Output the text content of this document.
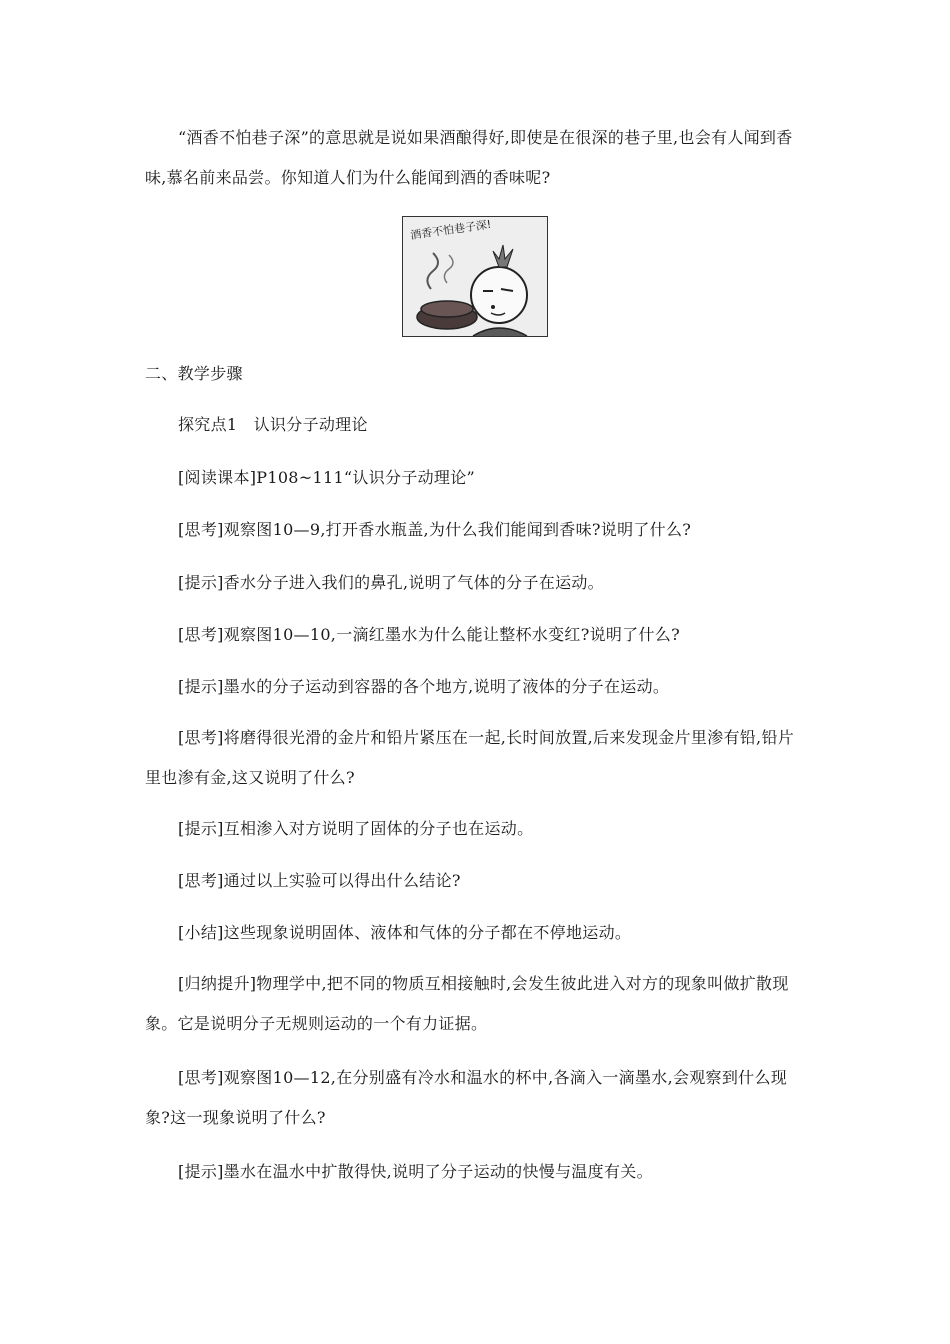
“酒香不怕巷子深”的意思就是说如果酒酿得好,即使是在很深的巷子里,也会有人闻到香味,慕名前来品尝。你知道人们为什么能闻到酒的香味呢?

酒香不怕巷子深!

二、教学步骤

探究点1　认识分子动理论

[阅读课本]P108~111“认识分子动理论”

[思考]观察图10—9,打开香水瓶盖,为什么我们能闻到香味?说明了什么?

[提示]香水分子进入我们的鼻孔,说明了气体的分子在运动。

[思考]观察图10—10,一滴红墨水为什么能让整杯水变红?说明了什么?

[提示]墨水的分子运动到容器的各个地方,说明了液体的分子在运动。

[思考]将磨得很光滑的金片和铅片紧压在一起,长时间放置,后来发现金片里渗有铅,铅片里也渗有金,这又说明了什么?

[提示]互相渗入对方说明了固体的分子也在运动。

[思考]通过以上实验可以得出什么结论?

[小结]这些现象说明固体、液体和气体的分子都在不停地运动。

[归纳提升]物理学中,把不同的物质互相接触时,会发生彼此进入对方的现象叫做扩散现象。它是说明分子无规则运动的一个有力证据。

[思考]观察图10—12,在分别盛有冷水和温水的杯中,各滴入一滴墨水,会观察到什么现象?这一现象说明了什么?

[提示]墨水在温水中扩散得快,说明了分子运动的快慢与温度有关。
